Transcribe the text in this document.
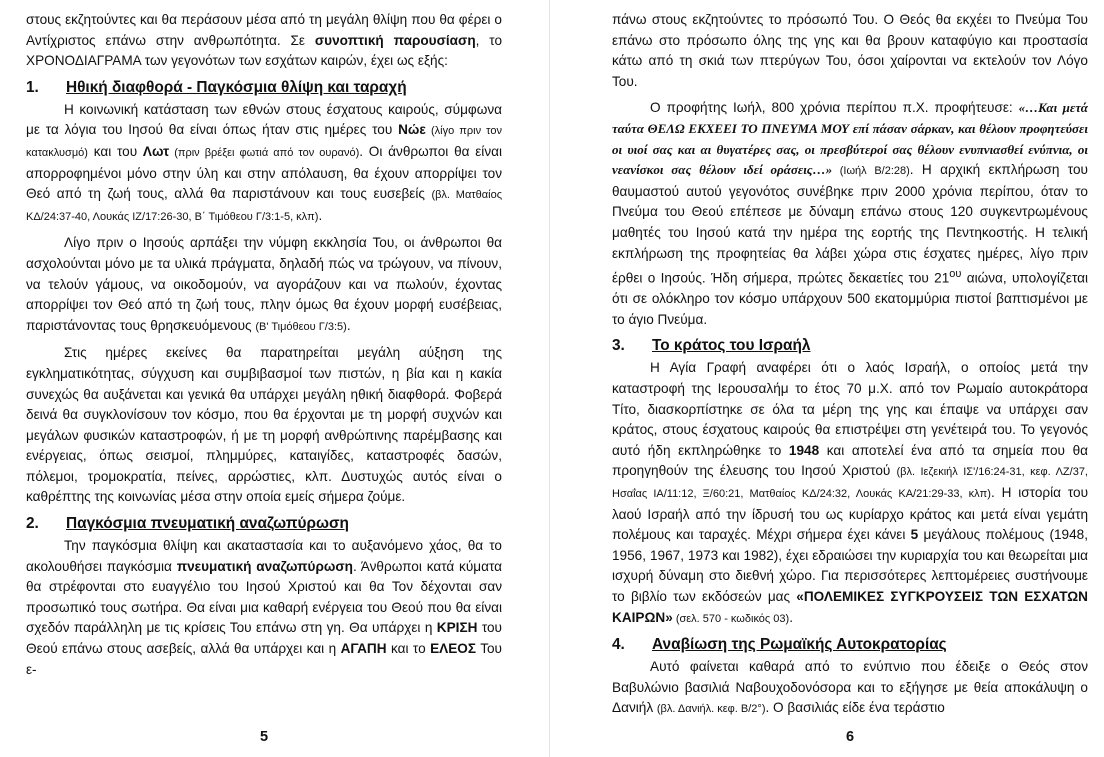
στους εκζητούντες και θα περάσουν μέσα από τη μεγάλη θλίψη που θα φέρει ο Αντίχριστος επάνω στην ανθρωπότητα. Σε συνοπτική παρουσίαση, το ΧΡΟΝΟΔΙΑΓΡΑΜΑ των γεγονότων των εσχάτων καιρών, έχει ως εξής:

1.	Ηθική διαφθορά - Παγκόσμια θλίψη και ταραχή

Η κοινωνική κατάσταση των εθνών στους έσχατους καιρούς, σύμφωνα με τα λόγια του Ιησού θα είναι όπως ήταν στις ημέρες του Νώε (λίγο πριν τον κατακλυσμό) και του Λωτ (πριν βρέξει φωτιά από τον ουρανό). Οι άνθρωποι θα είναι απορροφημένοι μόνο στην ύλη και στην απόλαυση, θα έχουν απορρίψει τον Θεό από τη ζωή τους, αλλά θα παριστάνουν και τους ευσεβείς (βλ. Ματθαίος ΚΔ/24:37-40, Λουκάς ΙΖ/17:26-30, Β΄ Τιμόθεου Γ/3:1-5, κλπ).

Λίγο πριν ο Ιησούς αρπάξει την νύμφη εκκλησία Του, οι άνθρωποι θα ασχολούνται μόνο με τα υλικά πράγματα, δηλαδή πώς να τρώγουν, να πίνουν, να τελούν γάμους, να οικοδομούν, να αγοράζουν και να πωλούν, έχοντας απορρίψει τον Θεό από τη ζωή τους, πλην όμως θα έχουν μορφή ευσέβειας, παριστάνοντας τους θρησκευόμενους (Β' Τιμόθεου Γ/3:5).

Στις ημέρες εκείνες θα παρατηρείται μεγάλη αύξηση της εγκληματικότητας, σύγχυση και συμβιβασμοί των πιστών, η βία και η κακία συνεχώς θα αυξάνεται και γενικά θα υπάρχει μεγάλη ηθική διαφθορά. Φοβερά δεινά θα συγκλονίσουν τον κόσμο, που θα έρχονται με τη μορφή συχνών και μεγάλων φυσικών καταστροφών, ή με τη μορφή ανθρώπινης παρέμβασης και ενέργειας, όπως σεισμοί, πλημμύρες, καταιγίδες, καταστροφές δασών, πόλεμοι, τρομοκρατία, πείνες, αρρώστιες, κλπ. Δυστυχώς αυτός είναι ο καθρέπτης της κοινωνίας μέσα στην οποία εμείς σήμερα ζούμε.

2.	Παγκόσμια πνευματική αναζωπύρωση

Την παγκόσμια θλίψη και ακαταστασία και το αυξανόμενο χάος, θα το ακολουθήσει παγκόσμια πνευματική αναζωπύρωση. Άνθρωποι κατά κύματα θα στρέφονται στο ευαγγέλιο του Ιησού Χριστού και θα Τον δέχονται σαν προσωπικό τους σωτήρα. Θα είναι μια καθαρή ενέργεια του Θεού που θα είναι σχεδόν παράλληλη με τις κρίσεις Του επάνω στη γη. Θα υπάρχει η ΚΡΙΣΗ του Θεού επάνω στους ασεβείς, αλλά θα υπάρχει και η ΑΓΑΠΗ και το ΕΛΕΟΣ Του ε-

5

πάνω στους εκζητούντες το πρόσωπό Του. Ο Θεός θα εκχέει το Πνεύμα Του επάνω στο πρόσωπο όλης της γης και θα βρουν καταφύγιο και προστασία κάτω από τη σκιά των πτερύγων Του, όσοι χαίρονται να εκτελούν τον Λόγο Του.

Ο προφήτης Ιωήλ, 800 χρόνια περίπου π.Χ. προφήτευσε: «…Και μετά ταύτα ΘΕΛΩ ΕΚΧΕΕΙ ΤΟ ΠΝΕΥΜΑ ΜΟΥ επί πάσαν σάρκαν, και θέλουν προφητεύσει οι υιοί σας και αι θυγατέρες σας, οι πρεσβύτεροί σας θέλουν ενυπνιασθεί ενύπνια, οι νεανίσκοι σας θέλουν ιδεί οράσεις…» (Ιωήλ Β/2:28). Η αρχική εκπλήρωση του θαυμαστού αυτού γεγονότος συνέβηκε πριν 2000 χρόνια περίπου, όταν το Πνεύμα του Θεού επέπεσε με δύναμη επάνω στους 120 συγκεντρωμένους μαθητές του Ιησού κατά την ημέρα της εορτής της Πεντηκοστής. Η τελική εκπλήρωση της προφητείας θα λάβει χώρα στις έσχατες ημέρες, λίγο πριν έρθει ο Ιησούς. Ήδη σήμερα, πρώτες δεκαετίες του $21^{o\upsilon}$ αιώνα, υπολογίζεται ότι σε ολόκληρο τον κόσμο υπάρχουν 500 εκατομμύρια πιστοί βαπτισμένοι με το άγιο Πνεύμα.

3.	Το κράτος του Ισραήλ

Η Αγία Γραφή αναφέρει ότι ο λαός Ισραήλ, ο οποίος μετά την καταστροφή της Ιερουσαλήμ το έτος 70 μ.Χ. από τον Ρωμαίο αυτοκράτορα Τίτο, διασκορπίστηκε σε όλα τα μέρη της γης και έπαψε να υπάρχει σαν κράτος, στους έσχατους καιρούς θα επιστρέψει στη γενέτειρά του. Το γεγονός αυτό ήδη εκπληρώθηκε το 1948 και αποτελεί ένα από τα σημεία που θα προηγηθούν της έλευσης του Ιησού Χριστού (βλ. Ιεζεκιήλ ΙΣ'/16:24-31, κεφ. ΛΖ/37, Ησαΐας ΙΑ/11:12, Ξ/60:21, Ματθαίος ΚΔ/24:32, Λουκάς ΚΑ/21:29-33, κλπ). Η ιστορία του λαού Ισραήλ από την ίδρυσή του ως κυρίαρχο κράτος και μετά είναι γεμάτη πολέμους και ταραχές. Μέχρι σήμερα έχει κάνει 5 μεγάλους πολέμους (1948, 1956, 1967, 1973 και 1982), έχει εδραιώσει την κυριαρχία του και θεωρείται μια ισχυρή δύναμη στο διεθνή χώρο. Για περισσότερες λεπτομέρειες συστήνουμε το βιβλίο των εκδόσεών μας «ΠΟΛΕΜΙΚΕΣ ΣΥΓΚΡΟΥΣΕΙΣ ΤΩΝ ΕΣΧΑΤΩΝ ΚΑΙΡΩΝ» (σελ. 570 - κωδικός 03).

4.	Αναβίωση της Ρωμαϊκής Αυτοκρατορίας

Αυτό φαίνεται καθαρά από το ενύπνιο που έδειξε ο Θεός στον Βαβυλώνιο βασιλιά Ναβουχοδονόσορα και το εξήγησε με θεία αποκάλυψη ο Δανιήλ (βλ. Δανιήλ. κεφ. Β/2°). Ο βασιλιάς είδε ένα τεράστιο

6
